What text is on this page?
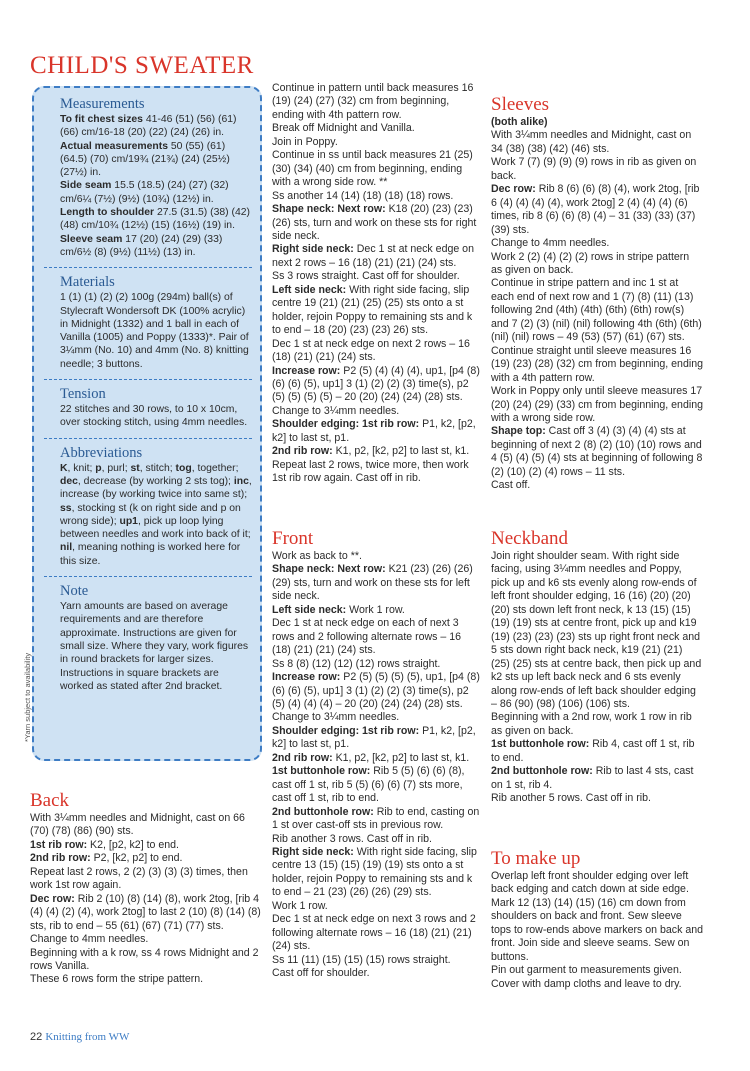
CHILD'S SWEATER
Measurements

To fit chest sizes 41-46 (51) (56) (61) (66) cm/16-18 (20) (22) (24) (26) in.

Actual measurements 50 (55) (61) (64.5) (70) cm/19¾ (21¾) (24) (25½) (27½) in.

Side seam 15.5 (18.5) (24) (27) (32) cm/6¼ (7½) (9½) (10¾) (12½) in.

Length to shoulder 27.5 (31.5) (38) (42) (48) cm/10¾ (12½) (15) (16½) (19) in.

Sleeve seam 17 (20) (24) (29) (33) cm/6½ (8) (9½) (11½) (13) in.

Materials

1 (1) (1) (2) (2) 100g (294m) ball(s) of Stylecraft Wondersoft DK (100% acrylic) in Midnight (1332) and 1 ball in each of Vanilla (1005) and Poppy (1333)*. Pair of 3¼mm (No. 10) and 4mm (No. 8) knitting needle; 3 buttons.

Tension

22 stitches and 30 rows, to 10 x 10cm, over stocking stitch, using 4mm needles.

Abbreviations

K, knit; p, purl; st, stitch; tog, together; dec, decrease (by working 2 sts tog); inc, increase (by working twice into same st); ss, stocking st (k on right side and p on wrong side); up1, pick up loop lying between needles and work into back of it; nil, meaning nothing is worked here for this size.

Note

Yarn amounts are based on average requirements and are therefore approximate. Instructions are given for small size. Where they vary, work figures in round brackets for larger sizes. Instructions in square brackets are worked as stated after 2nd bracket.

*Yarn subject to availability
Back

With 3¼mm needles and Midnight, cast on 66 (70) (78) (86) (90) sts.

1st rib row: K2, [p2, k2] to end.

2nd rib row: P2, [k2, p2] to end.

Repeat last 2 rows, 2 (2) (3) (3) (3) times, then work 1st row again.

Dec row: Rib 2 (10) (8) (14) (8), work 2tog, [rib 4 (4) (4) (2) (4), work 2tog] to last 2 (10) (8) (14) (8) sts, rib to end – 55 (61) (67) (71) (77) sts.

Change to 4mm needles.

Beginning with a k row, ss 4 rows Midnight and 2 rows Vanilla.

These 6 rows form the stripe pattern.

Continue in pattern until back measures 16 (19) (24) (27) (32) cm from beginning, ending with 4th pattern row.

Break off Midnight and Vanilla.

Join in Poppy.

Continue in ss until back measures 21 (25) (30) (34) (40) cm from beginning, ending with a wrong side row. **

Ss another 14 (14) (18) (18) (18) rows.

Shape neck: Next row: K18 (20) (23) (23) (26) sts, turn and work on these sts for right side neck.

Right side neck: Dec 1 st at neck edge on next 2 rows – 16 (18) (21) (21) (24) sts.

Ss 3 rows straight. Cast off for shoulder.

Left side neck: With right side facing, slip centre 19 (21) (21) (25) (25) sts onto a st holder, rejoin Poppy to remaining sts and k to end – 18 (20) (23) (23) 26) sts.

Dec 1 st at neck edge on next 2 rows – 16 (18) (21) (21) (24) sts.

Increase row: P2 (5) (4) (4) (4), up1, [p4 (8) (6) (6) (5), up1] 3 (1) (2) (2) (3) time(s), p2 (5) (5) (5) (5) – 20 (20) (24) (24) (28) sts.

Change to 3¼mm needles.

Shoulder edging: 1st rib row: P1, k2, [p2, k2] to last st, p1.

2nd rib row: K1, p2, [k2, p2] to last st, k1. Repeat last 2 rows, twice more, then work 1st rib row again. Cast off in rib.

Front

Work as back to **.

Shape neck: Next row: K21 (23) (26) (26) (29) sts, turn and work on these sts for left side neck.

Left side neck: Work 1 row.

Dec 1 st at neck edge on each of next 3 rows and 2 following alternate rows – 16 (18) (21) (21) (24) sts.

Ss 8 (8) (12) (12) (12) rows straight.

Increase row: P2 (5) (5) (5) (5), up1, [p4 (8) (6) (6) (5), up1] 3 (1) (2) (2) (3) time(s), p2 (5) (4) (4) (4) – 20 (20) (24) (24) (28) sts.

Change to 3¼mm needles.

Shoulder edging: 1st rib row: P1, k2, [p2, k2] to last st, p1.

2nd rib row: K1, p2, [k2, p2] to last st, k1.

1st buttonhole row: Rib 5 (5) (6) (6) (8), cast off 1 st, rib 5 (5) (6) (6) (7) sts more, cast off 1 st, rib to end.

2nd buttonhole row: Rib to end, casting on 1 st over cast-off sts in previous row.

Rib another 3 rows. Cast off in rib.

Right side neck: With right side facing, slip centre 13 (15) (15) (19) (19) sts onto a st holder, rejoin Poppy to remaining sts and k to end – 21 (23) (26) (26) (29) sts.

Work 1 row.

Dec 1 st at neck edge on next 3 rows and 2 following alternate rows – 16 (18) (21) (21) (24) sts.

Ss 11 (11) (15) (15) (15) rows straight.

Cast off for shoulder.

Sleeves

(both alike)

With 3¼mm needles and Midnight, cast on 34 (38) (38) (42) (46) sts.

Work 7 (7) (9) (9) (9) rows in rib as given on back.

Dec row: Rib 8 (6) (6) (8) (4), work 2tog, [rib 6 (4) (4) (4) (4), work 2tog] 2 (4) (4) (4) (6) times, rib 8 (6) (6) (8) (4) – 31 (33) (33) (37) (39) sts.

Change to 4mm needles.

Work 2 (2) (4) (2) (2) rows in stripe pattern as given on back.

Continue in stripe pattern and inc 1 st at each end of next row and 1 (7) (8) (11) (13) following 2nd (4th) (4th) (6th) (6th) row(s) and 7 (2) (3) (nil) (nil) following 4th (6th) (6th) (nil) (nil) rows – 49 (53) (57) (61) (67) sts.

Continue straight until sleeve measures 16 (19) (23) (28) (32) cm from beginning, ending with a 4th pattern row.

Work in Poppy only until sleeve measures 17 (20) (24) (29) (33) cm from beginning, ending with a wrong side row.

Shape top: Cast off 3 (4) (3) (4) (4) sts at beginning of next 2 (8) (2) (10) (10) rows and 4 (5) (4) (5) (4) sts at beginning of following 8 (2) (10) (2) (4) rows – 11 sts.

Cast off.

Neckband

Join right shoulder seam. With right side facing, using 3¼mm needles and Poppy, pick up and k6 sts evenly along row-ends of left front shoulder edging, 16 (16) (20) (20) (20) sts down left front neck, k 13 (15) (15) (19) (19) sts at centre front, pick up and k19 (19) (23) (23) (23) sts up right front neck and 5 sts down right back neck, k19 (21) (21) (25) (25) sts at centre back, then pick up and k2 sts up left back neck and 6 sts evenly along row-ends of left back shoulder edging – 86 (90) (98) (106) (106) sts.

Beginning with a 2nd row, work 1 row in rib as given on back.

1st buttonhole row: Rib 4, cast off 1 st, rib to end.

2nd buttonhole row: Rib to last 4 sts, cast on 1 st, rib 4.

Rib another 5 rows. Cast off in rib.

To make up

Overlap left front shoulder edging over left back edging and catch down at side edge. Mark 12 (13) (14) (15) (16) cm down from shoulders on back and front. Sew sleeve tops to row-ends above markers on back and front. Join side and sleeve seams. Sew on buttons.

Pin out garment to measurements given. Cover with damp cloths and leave to dry.

22 Knitting from WW
